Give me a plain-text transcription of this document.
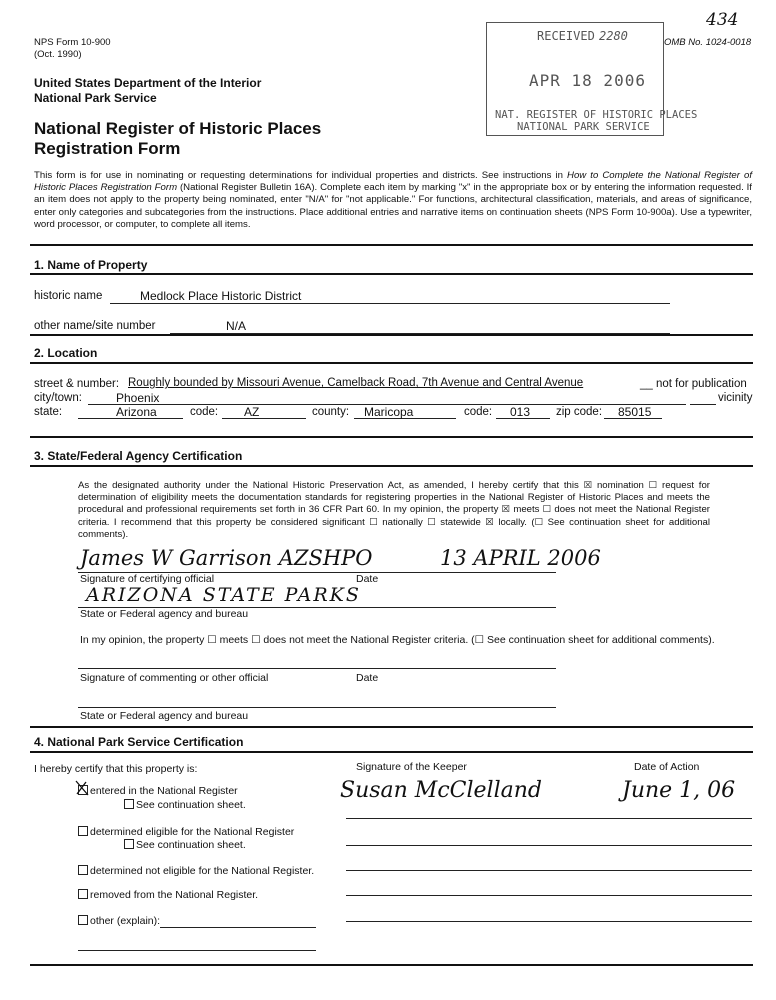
NPS Form 10-900
(Oct. 1990)
OMB No. 1024-0018
434
United States Department of the Interior
National Park Service
National Register of Historic Places
Registration Form
RECEIVED 2280
APR 18 2006
NAT. REGISTER OF HISTORIC PLACES
NATIONAL PARK SERVICE
This form is for use in nominating or requesting determinations for individual properties and districts. See instructions in How to Complete the National Register of Historic Places Registration Form (National Register Bulletin 16A). Complete each item by marking "x" in the appropriate box or by entering the information requested. If an item does not apply to the property being nominated, enter "N/A" for "not applicable." For functions, architectural classification, materials, and areas of significance, enter only categories and subcategories from the instructions. Place additional entries and narrative items on continuation sheets (NPS Form 10-900a). Use a typewriter, word processor, or computer, to complete all items.
1. Name of Property
historic name	Medlock Place Historic District
other name/site number	N/A
2. Location
street & number: Roughly bounded by Missouri Avenue, Camelback Road, 7th Avenue and Central Avenue	__ not for publication
city/town:	Phoenix	vicinity
state:	Arizona	code:	AZ	county:	Maricopa	code:	013	zip code:	85015
3. State/Federal Agency Certification
As the designated authority under the National Historic Preservation Act, as amended, I hereby certify that this ☒ nomination ☐ request for determination of eligibility meets the documentation standards for registering properties in the National Register of Historic Places and meets the procedural and professional requirements set forth in 36 CFR Part 60. In my opinion, the property ☒ meets ☐ does not meet the National Register criteria. I recommend that this property be considered significant ☐ nationally ☐ statewide ☒ locally. (☐ See continuation sheet for additional comments).
James W Garrison AZSHPO	13 APRIL 2006
Signature of certifying official	Date
ARIZONA STATE PARKS
State or Federal agency and bureau
In my opinion, the property ☐ meets ☐ does not meet the National Register criteria. (☐ See continuation sheet for additional comments).
Signature of commenting or other official	Date
State or Federal agency and bureau
4. National Park Service Certification
I hereby certify that this property is:	Signature of the Keeper	Date of Action
entered in the National Register
See continuation sheet.
Susan McClelland	June 1, 06
determined eligible for the National Register
See continuation sheet.
determined not eligible for the National Register.
removed from the National Register.
other (explain):
